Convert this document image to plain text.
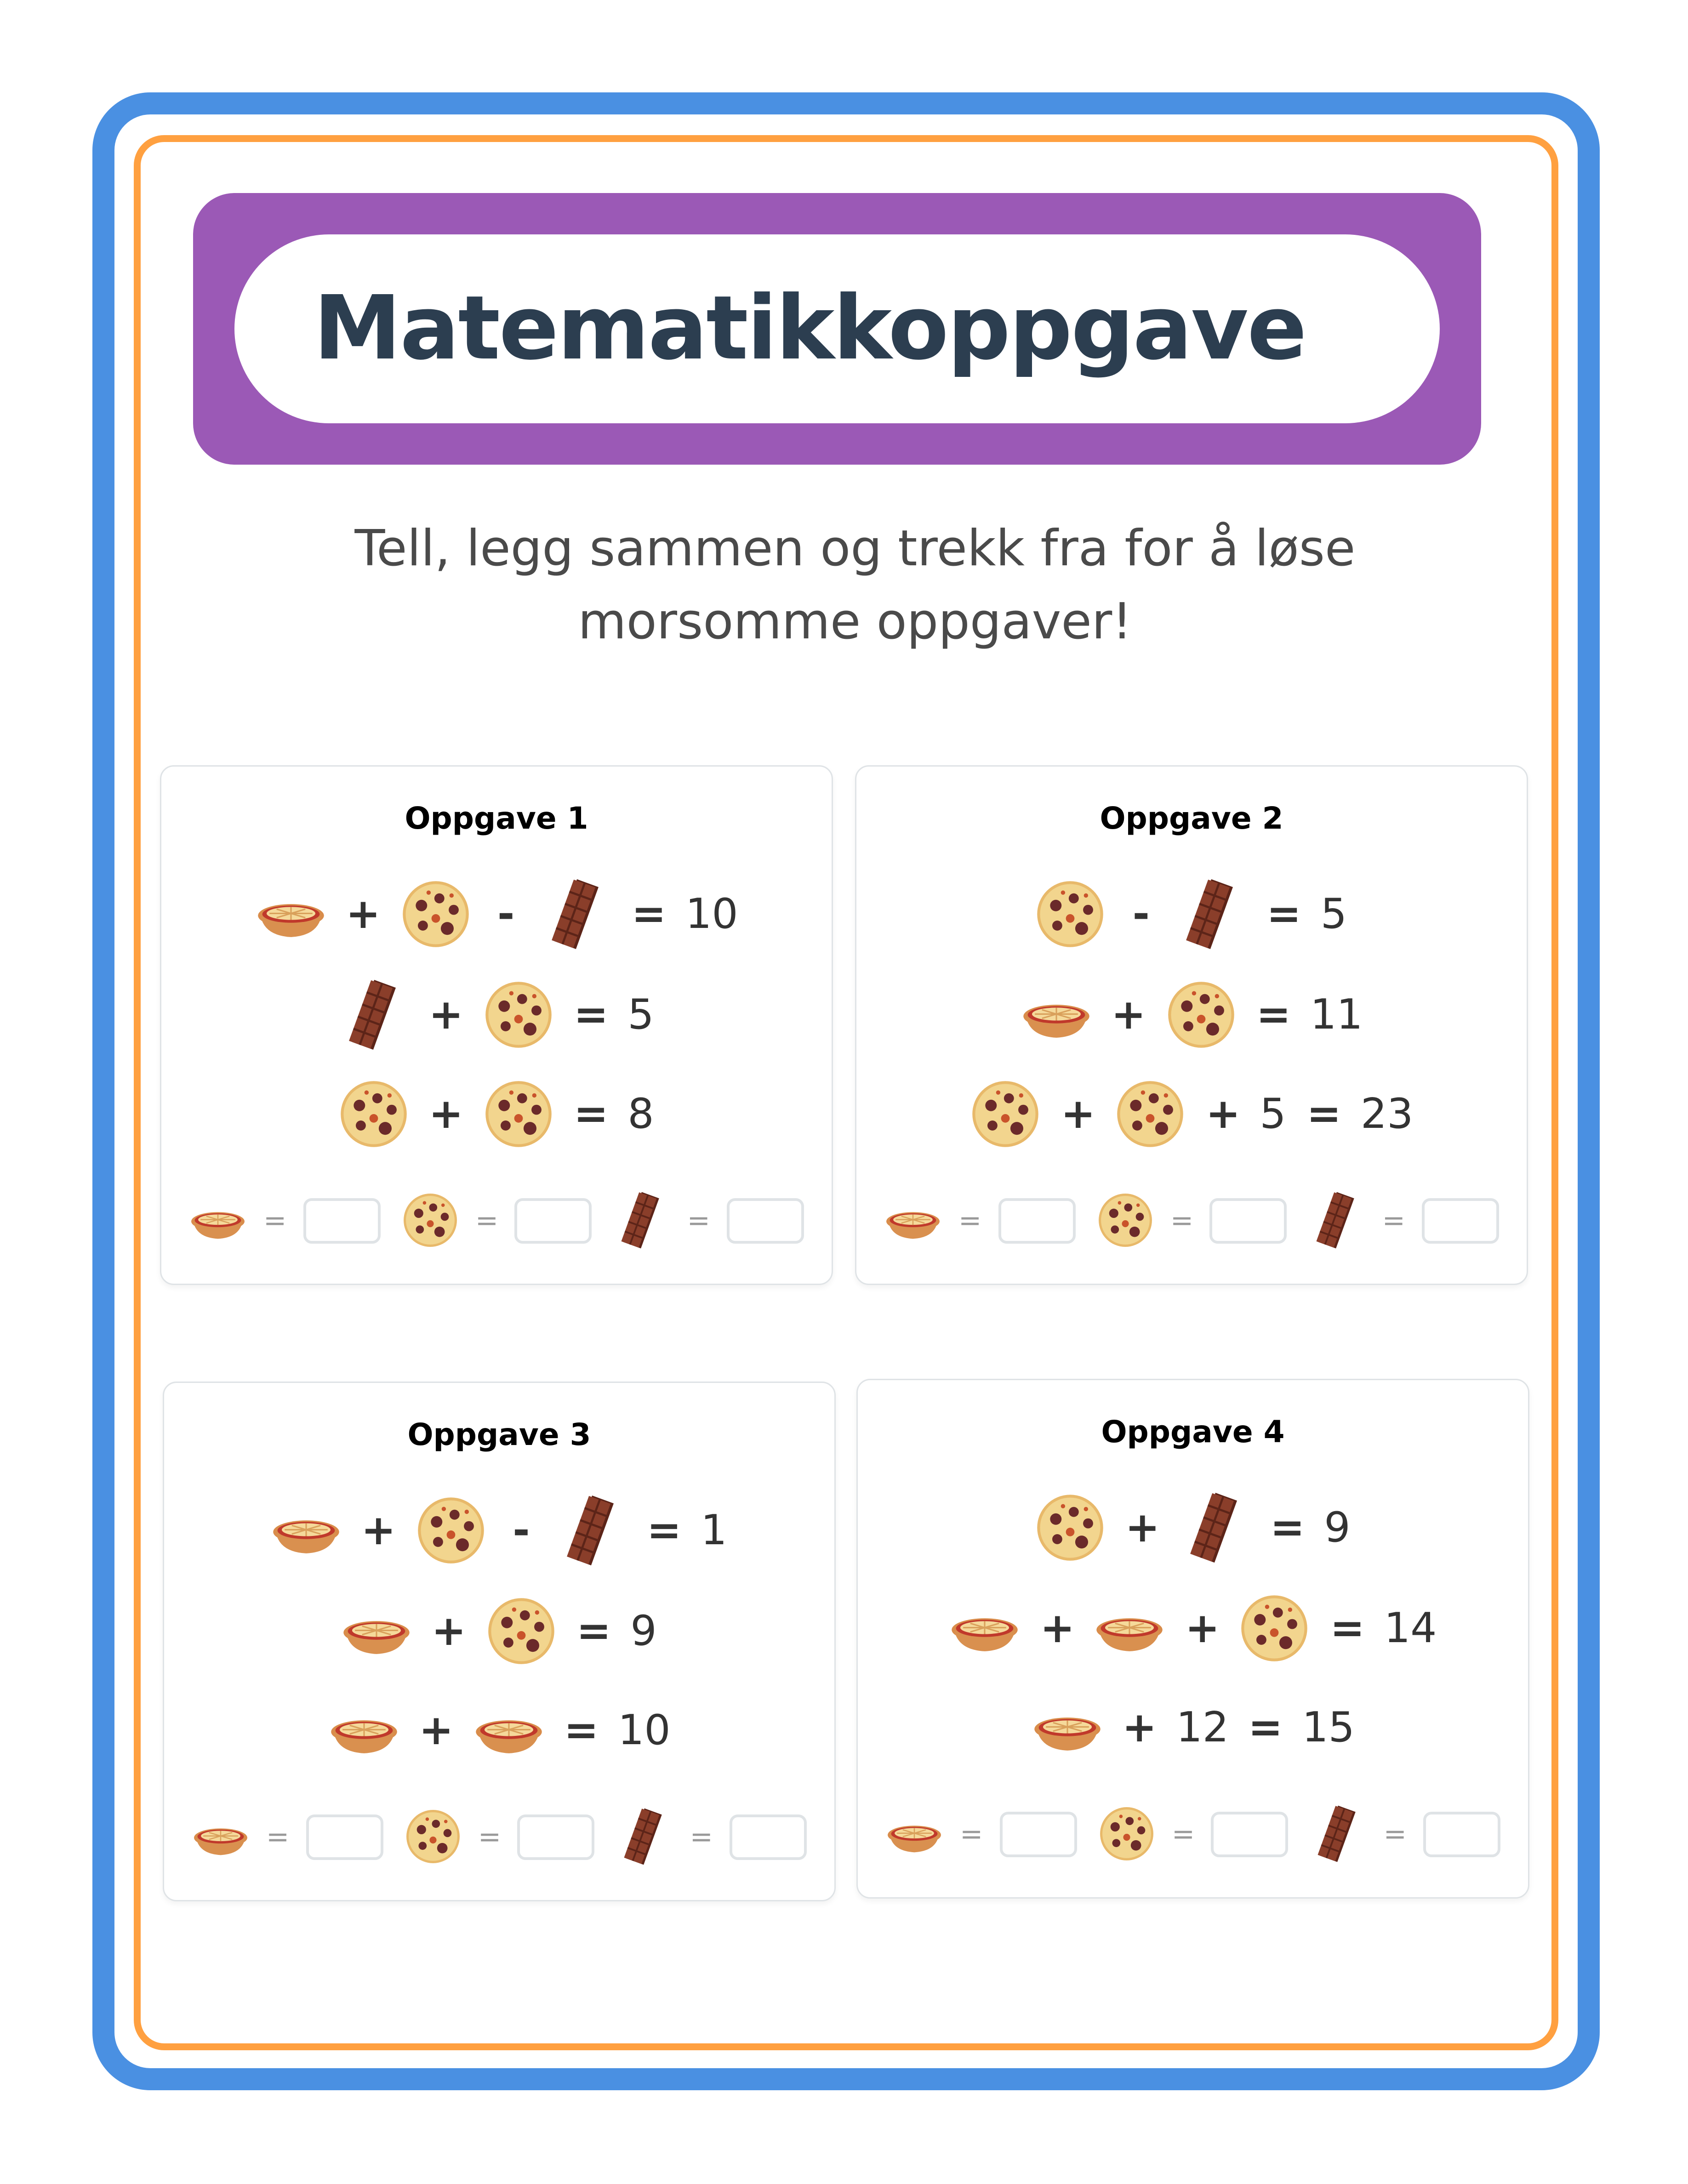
Matematikkoppgave
Tell, legg sammen og trekk fra for å løse
morsomme oppgaver!
Oppgave 1
+	-	= 10
+	= 5
+	= 8
=	=	=
Oppgave 2
-	= 5
+	= 11
+	+ 5 = 23
=	=	=
Oppgave 3
+	-	= 1
+	= 9
+	= 10
=	=	=
Oppgave 4
+	= 9
+	+	= 14
+ 12 = 15
=	=	=
